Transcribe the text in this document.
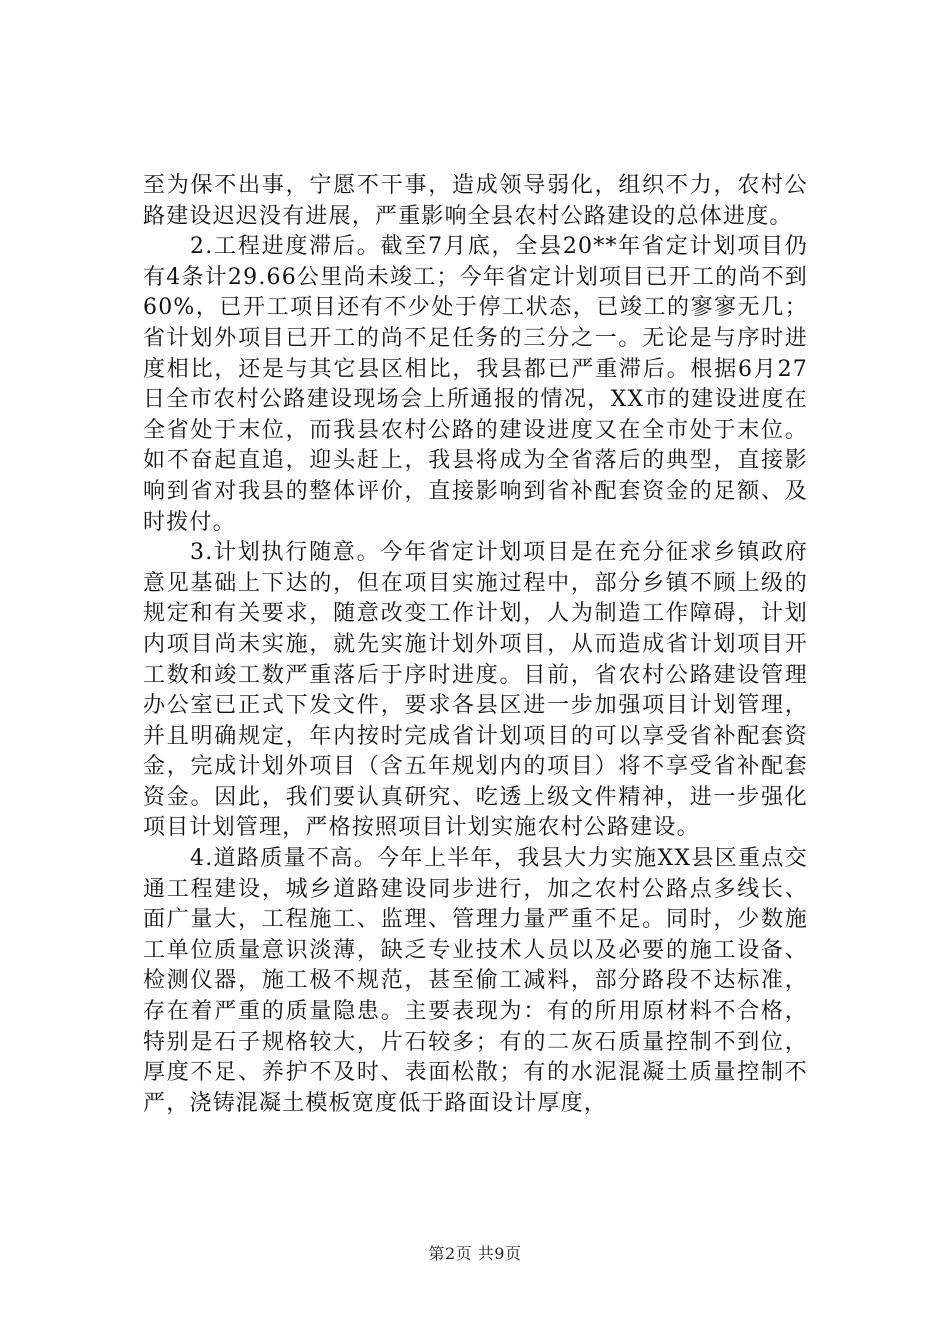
至为保不出事，宁愿不干事，造成领导弱化，组织不力，农村公路建设迟迟没有进展，严重影响全县农村公路建设的总体进度。

2.工程进度滞后。截至7月底，全县20**年省定计划项目仍有4条计29.66公里尚未竣工；今年省定计划项目已开工的尚不到60%，已开工项目还有不少处于停工状态，已竣工的寥寥无几；省计划外项目已开工的尚不足任务的三分之一。无论是与序时进度相比，还是与其它县区相比，我县都已严重滞后。根据6月27日全市农村公路建设现场会上所通报的情况，XX市的建设进度在全省处于末位，而我县农村公路的建设进度又在全市处于末位。如不奋起直追，迎头赶上，我县将成为全省落后的典型，直接影响到省对我县的整体评价，直接影响到省补配套资金的足额、及时拨付。

3.计划执行随意。今年省定计划项目是在充分征求乡镇政府意见基础上下达的，但在项目实施过程中，部分乡镇不顾上级的规定和有关要求，随意改变工作计划，人为制造工作障碍，计划内项目尚未实施，就先实施计划外项目，从而造成省计划项目开工数和竣工数严重落后于序时进度。目前，省农村公路建设管理办公室已正式下发文件，要求各县区进一步加强项目计划管理，并且明确规定，年内按时完成省计划项目的可以享受省补配套资金，完成计划外项目（含五年规划内的项目）将不享受省补配套资金。因此，我们要认真研究、吃透上级文件精神，进一步强化项目计划管理，严格按照项目计划实施农村公路建设。

4.道路质量不高。今年上半年，我县大力实施XX县区重点交通工程建设，城乡道路建设同步进行，加之农村公路点多线长、面广量大，工程施工、监理、管理力量严重不足。同时，少数施工单位质量意识淡薄，缺乏专业技术人员以及必要的施工设备、检测仪器，施工极不规范，甚至偷工减料，部分路段不达标准，存在着严重的质量隐患。主要表现为：有的所用原材料不合格，特别是石子规格较大，片石较多；有的二灰石质量控制不到位，厚度不足、养护不及时、表面松散；有的水泥混凝土质量控制不严，浇铸混凝土模板宽度低于路面设计厚度，

第2页 共9页
